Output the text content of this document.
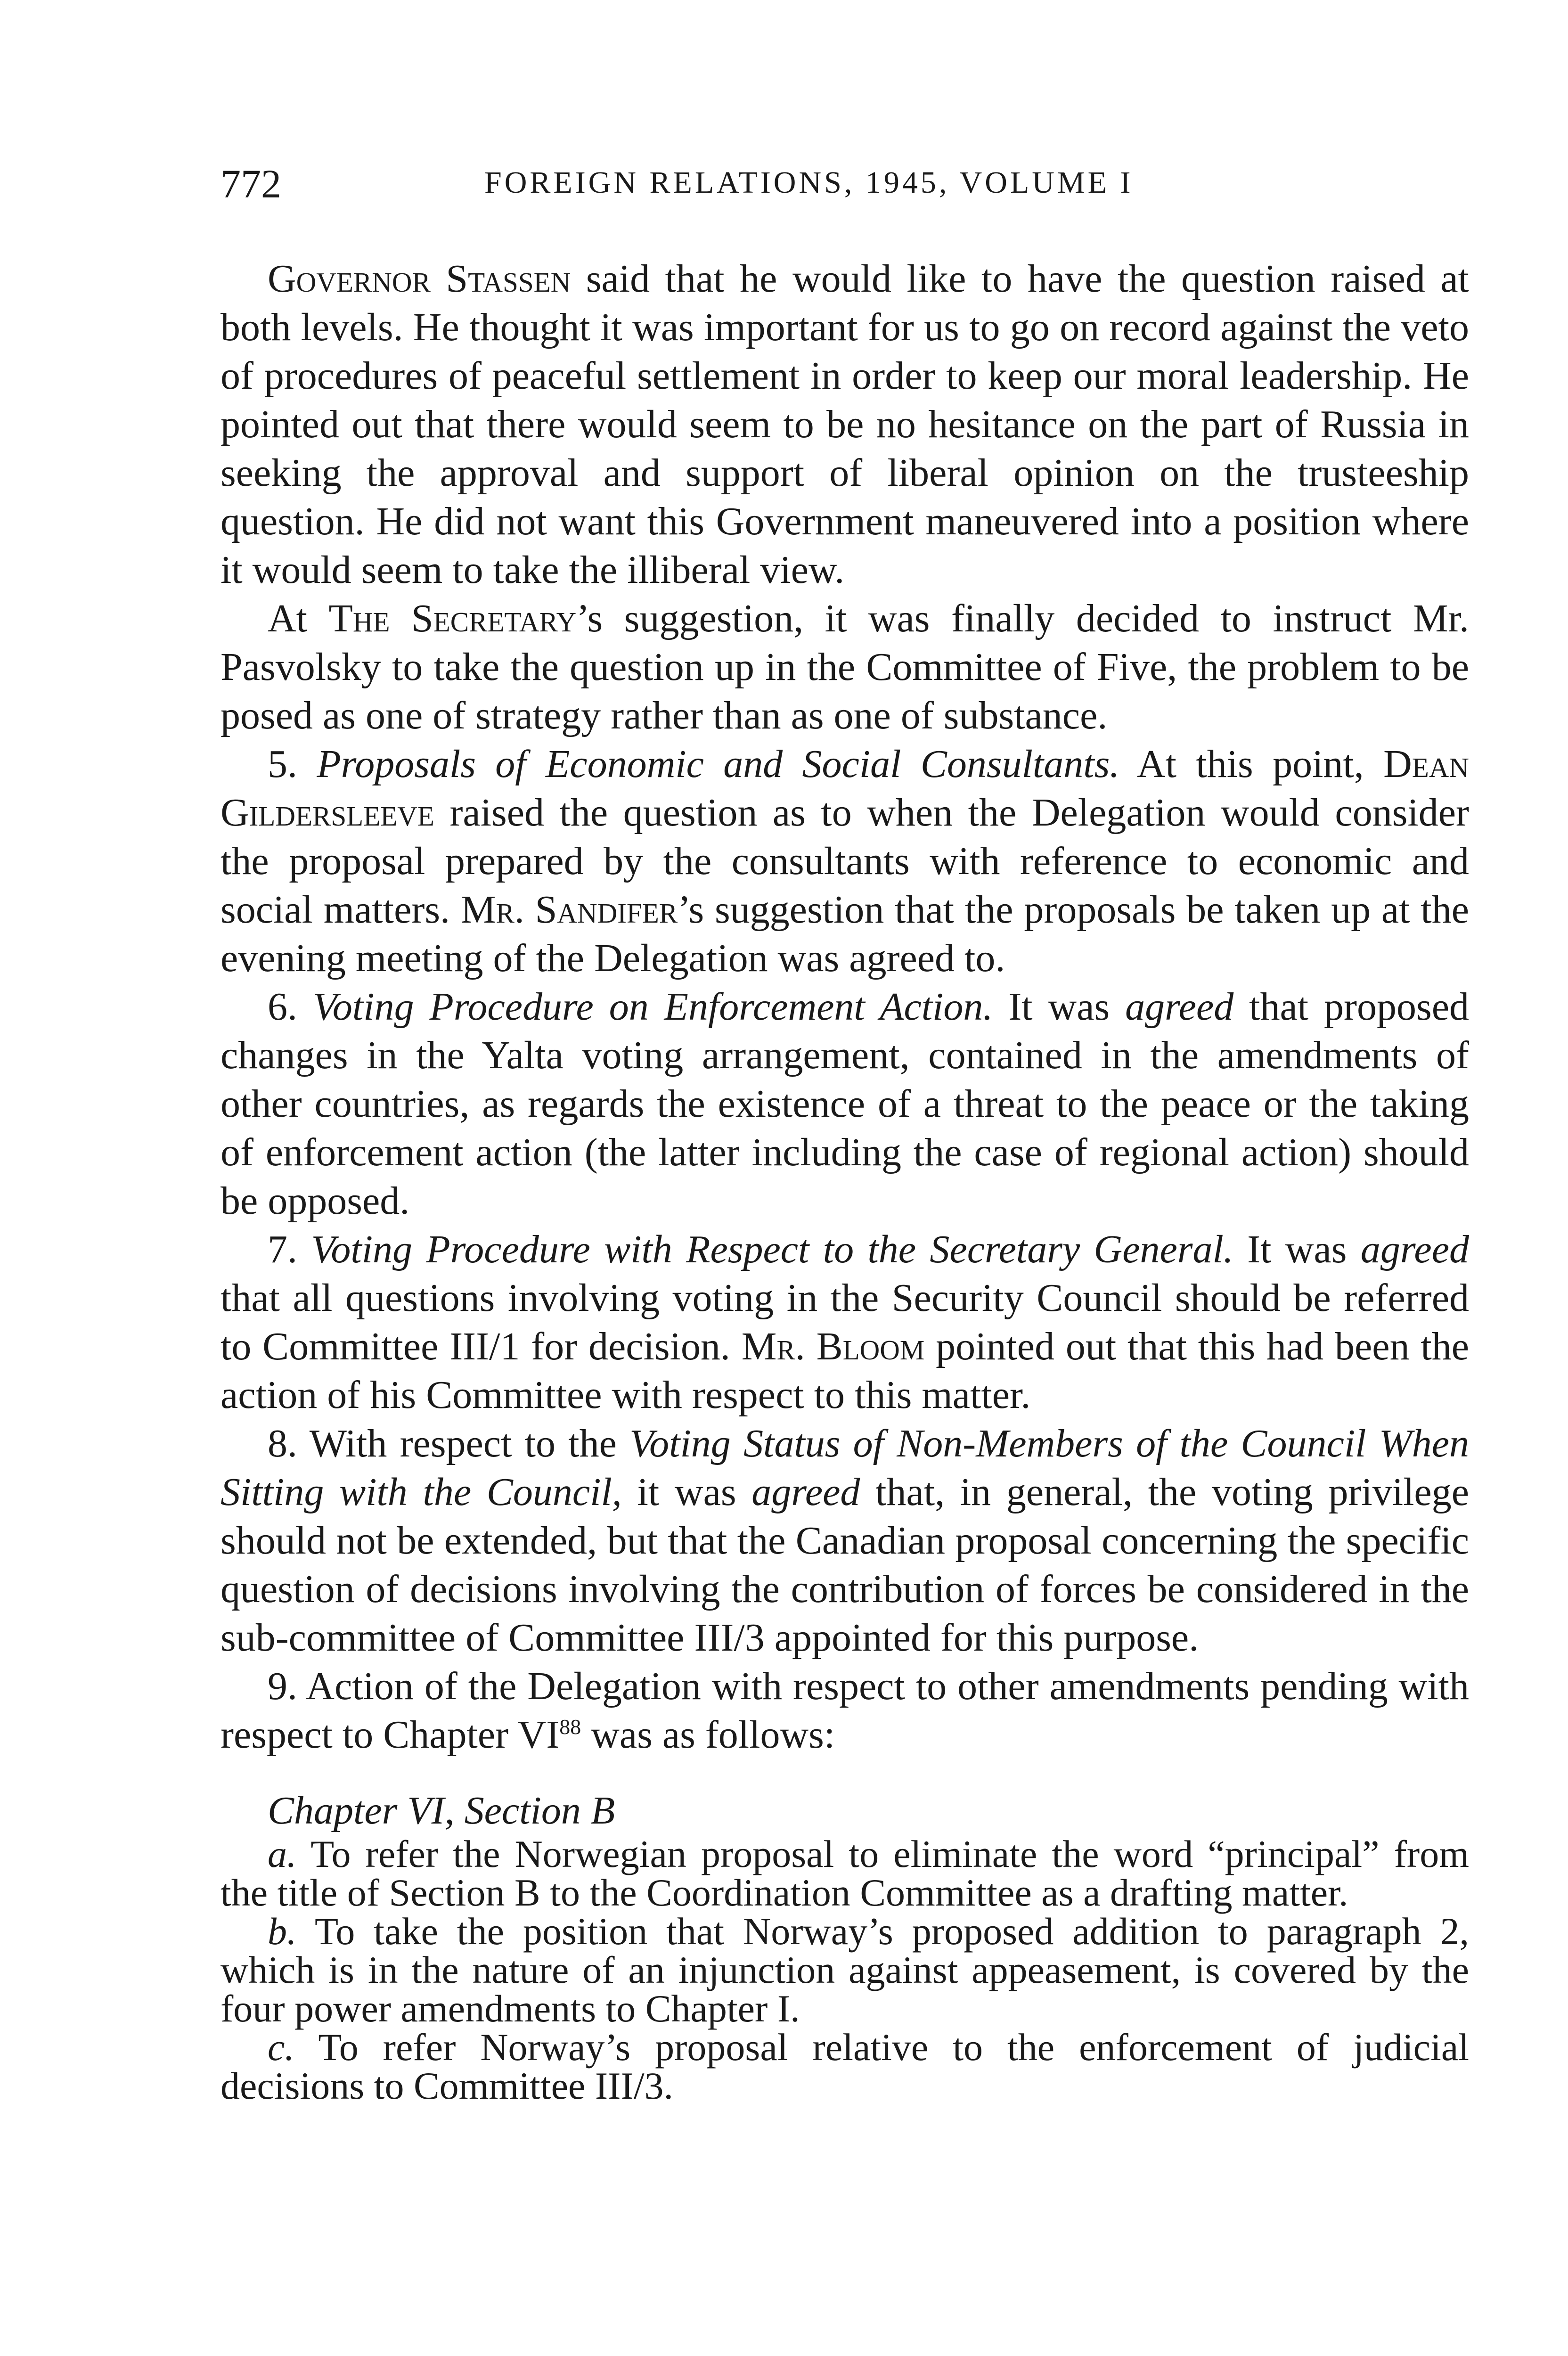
772	FOREIGN RELATIONS, 1945, VOLUME I

Governor Stassen said that he would like to have the question raised at both levels. He thought it was important for us to go on record against the veto of procedures of peaceful settlement in order to keep our moral leadership. He pointed out that there would seem to be no hesitance on the part of Russia in seeking the approval and support of liberal opinion on the trusteeship question. He did not want this Government maneuvered into a position where it would seem to take the illiberal view.

At The Secretary’s suggestion, it was finally decided to instruct Mr. Pasvolsky to take the question up in the Committee of Five, the problem to be posed as one of strategy rather than as one of substance.

5. Proposals of Economic and Social Consultants. At this point, Dean Gildersleeve raised the question as to when the Delegation would consider the proposal prepared by the consultants with reference to economic and social matters. Mr. Sandifer’s suggestion that the proposals be taken up at the evening meeting of the Delegation was agreed to.

6. Voting Procedure on Enforcement Action. It was agreed that proposed changes in the Yalta voting arrangement, contained in the amendments of other countries, as regards the existence of a threat to the peace or the taking of enforcement action (the latter including the case of regional action) should be opposed.

7. Voting Procedure with Respect to the Secretary General. It was agreed that all questions involving voting in the Security Council should be referred to Committee III/1 for decision. Mr. Bloom pointed out that this had been the action of his Committee with respect to this matter.

8. With respect to the Voting Status of Non-Members of the Council When Sitting with the Council, it was agreed that, in general, the voting privilege should not be extended, but that the Canadian proposal concerning the specific question of decisions involving the contribution of forces be considered in the sub-committee of Committee III/3 appointed for this purpose.

9. Action of the Delegation with respect to other amendments pending with respect to Chapter VI$^{88}$ was as follows:

Chapter VI, Section B

a. To refer the Norwegian proposal to eliminate the word “principal” from the title of Section B to the Coordination Committee as a drafting matter.

b. To take the position that Norway’s proposed addition to paragraph 2, which is in the nature of an injunction against appeasement, is covered by the four power amendments to Chapter I.

c. To refer Norway’s proposal relative to the enforcement of judicial decisions to Committee III/3.
